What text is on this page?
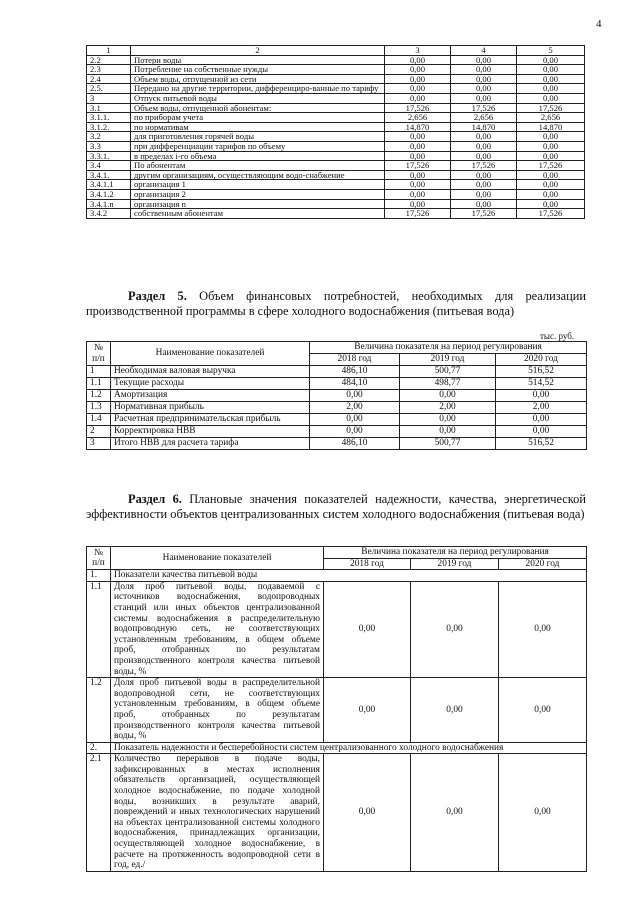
4
1	2	3	4	5
2.2	Потери воды	0,00	0,00	0,00
2.3	Потребление на собственные нужды	0,00	0,00	0,00
2.4	Объем воды, отпущенной из сети	0,00	0,00	0,00
2.5.	Передано на другие территории, дифференциро-ванные по тарифу	0,00	0,00	0,00
3	Отпуск питьевой воды	0,00	0,00	0,00
3.1	Объем воды, отпущенной абонентам:	17,526	17,526	17,526
3.1.1.	по приборам учета	2,656	2,656	2,656
3.1.2.	по нормативам	14,870	14,870	14,870
3.2	для приготовления горячей воды	0,00	0,00	0,00
3.3	при дифференциации тарифов по объему	0,00	0,00	0,00
3.3.1.	в пределах i-го объема	0,00	0,00	0,00
3.4	По абонентам	17,526	17,526	17,526
3.4.1.	другим организациям, осуществляющим водо-снабжение	0,00	0,00	0,00
3.4.1.1	организация 1	0,00	0,00	0,00
3.4.1.2	организация 2	0,00	0,00	0,00
3.4.1.n	организация n	0,00	0,00	0,00
3.4.2	собственным абонентам	17,526	17,526	17,526
Раздел 5. Объем финансовых потребностей, необходимых для реализации производственной программы в сфере холодного водоснабжения (питьевая вода)
тыс. руб.
№ п/п	Наименование показателей	Величина показателя на период регулирования		
		2018 год	2019 год	2020 год
1	Необходимая валовая выручка	486,10	500,77	516,52
1.1	Текущие расходы	484,10	498,77	514,52
1.2	Амортизация	0,00	0,00	0,00
1.3	Нормативная прибыль	2,00	2,00	2,00
1.4	Расчетная предпринимательская прибыль	0,00	0,00	0,00
2	Корректировка НВВ	0,00	0,00	0,00
3	Итого НВВ для расчета тарифа	486,10	500,77	516,52
Раздел 6. Плановые значения показателей надежности, качества, энергетической эффективности объектов централизованных систем холодного водоснабжения (питьевая вода)
№ п/п	Наименование показателей	Величина показателя на период регулирования		
		2018 год	2019 год	2020 год
1.	Показатели качества питьевой воды			
1.1	Доля проб питьевой воды, подаваемой с источников водоснабжения, водопроводных станций или иных объектов централизованной системы водоснабжения в распределительную водопроводную сеть, не соответствующих установленным требованиям, в общем объеме проб, отобранных по результатам производственного контроля качества питьевой воды, %	0,00	0,00	0,00
1.2	Доля проб питьевой воды в распределительной водопроводной сети, не соответствующих установленным требованиям, в общем объеме проб, отобранных по результатам производственного контроля качества питьевой воды, %	0,00	0,00	0,00
2.	Показатель надежности и бесперебойности систем централизованного холодного водоснабжения			
2.1	Количество перерывов в подаче воды, зафиксированных в местах исполнения обязательств организацией, осуществляющей холодное водоснабжение, по подаче холодной воды, возникших в результате аварий, повреждений и иных технологических нарушений на объектах централизованной системы холодного водоснабжения, принадлежащих организации, осуществляющей холодное водоснабжение, в расчете на протяженность водопроводной сети в год, ед./	0,00	0,00	0,00
